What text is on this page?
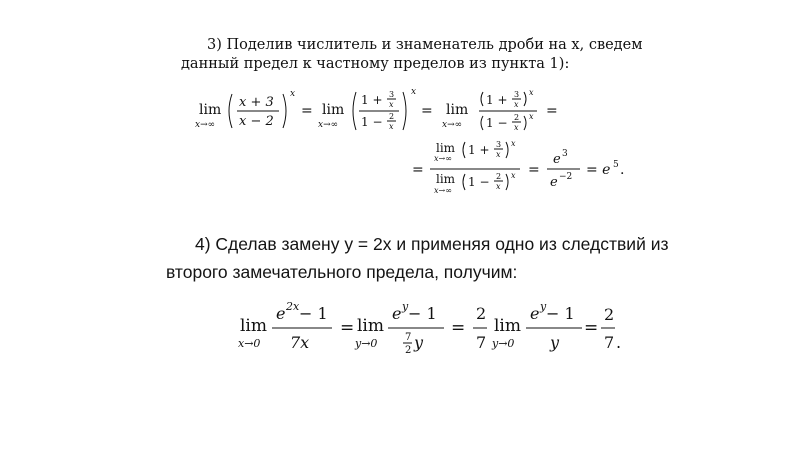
3) Поделив числитель и знаменатель дроби на x, сведем
данный предел к частному пределов из пункта 1):
lim
x→∞
x + 3
x − 2
x
= lim
x→∞
1 + 3
x
1 − 2
x
x
= lim
x→∞
1 + 3
x
x
1 − 2
x
x =
=
lim
x→∞
1 + 3
x
x
lim
x→∞
1 − 2
x
x =
e 3
e −2 = e 5 .
4) Сделав замену y = 2x и применяя одно из следствий из
второго замечательного предела, получим:
lim
x→0
e 2x − 1
7x
= lim
y→0
e y − 1
7
2 y
=
2
7
lim
y→0
e y − 1
y
=
2
7 .
